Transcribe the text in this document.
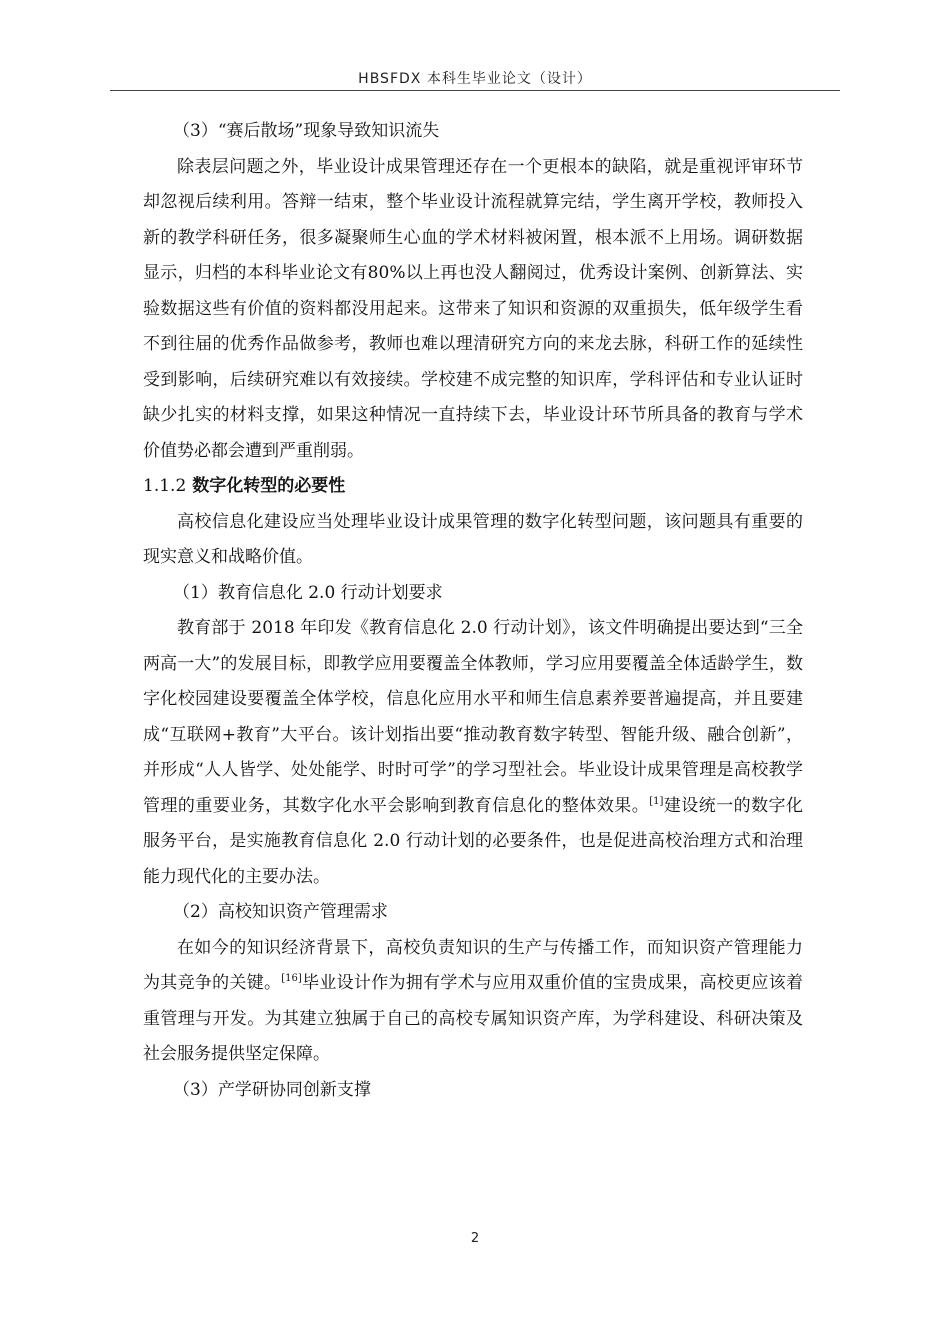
HBSFDX 本科生毕业论文（设计）

（3）“赛后散场”现象导致知识流失

除表层问题之外，毕业设计成果管理还存在一个更根本的缺陷，就是重视评审环节却忽视后续利用。答辩一结束，整个毕业设计流程就算完结，学生离开学校，教师投入新的教学科研任务，很多凝聚师生心血的学术材料被闲置，根本派不上用场。调研数据显示，归档的本科毕业论文有80%以上再也没人翻阅过，优秀设计案例、创新算法、实验数据这些有价值的资料都没用起来。这带来了知识和资源的双重损失，低年级学生看不到往届的优秀作品做参考，教师也难以理清研究方向的来龙去脉，科研工作的延续性受到影响，后续研究难以有效接续。学校建不成完整的知识库，学科评估和专业认证时缺少扎实的材料支撑，如果这种情况一直持续下去，毕业设计环节所具备的教育与学术价值势必都会遭到严重削弱。

1.1.2 数字化转型的必要性

高校信息化建设应当处理毕业设计成果管理的数字化转型问题，该问题具有重要的现实意义和战略价值。

（1）教育信息化 2.0 行动计划要求

教育部于 2018 年印发《教育信息化 2.0 行动计划》，该文件明确提出要达到“三全两高一大”的发展目标，即教学应用要覆盖全体教师，学习应用要覆盖全体适龄学生，数字化校园建设要覆盖全体学校，信息化应用水平和师生信息素养要普遍提高，并且要建成“互联网+教育”大平台。该计划指出要“推动教育数字转型、智能升级、融合创新”，并形成“人人皆学、处处能学、时时可学”的学习型社会。毕业设计成果管理是高校教学管理的重要业务，其数字化水平会影响到教育信息化的整体效果。[1]建设统一的数字化服务平台，是实施教育信息化 2.0 行动计划的必要条件，也是促进高校治理方式和治理能力现代化的主要办法。

（2）高校知识资产管理需求

在如今的知识经济背景下，高校负责知识的生产与传播工作，而知识资产管理能力为其竞争的关键。[16]毕业设计作为拥有学术与应用双重价值的宝贵成果，高校更应该着重管理与开发。为其建立独属于自己的高校专属知识资产库，为学科建设、科研决策及社会服务提供坚定保障。

（3）产学研协同创新支撑

2
